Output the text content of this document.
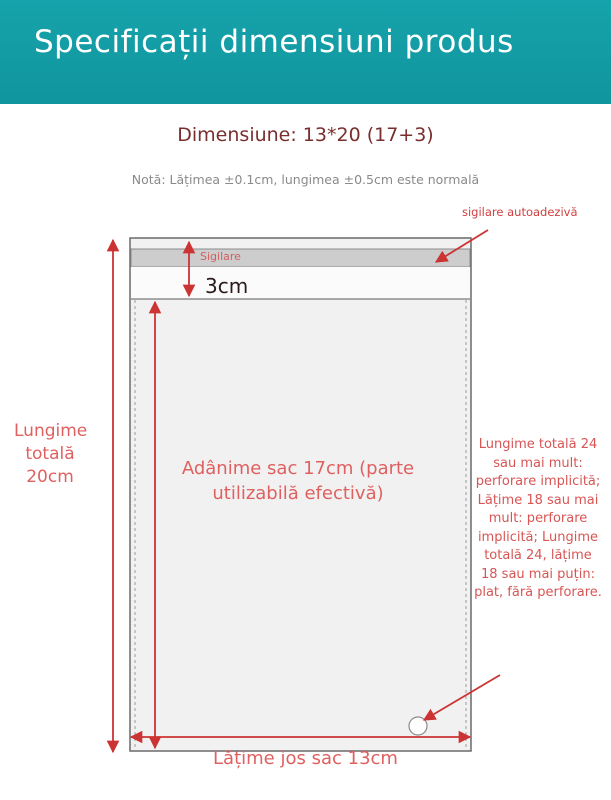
Specificații dimensiuni produs
Dimensiune: 13*20 (17+3)
Notă: Lățimea ±0.1cm, lungimea ±0.5cm este normală
sigilare autoadezivă
Sigilare
3cm
Lungime totală 20cm	Adânime sac 17cm (parte utilizabilă efectivă)
Lungime totală 24 sau mai mult: perforare implicită; Lățime 18 sau mai mult: perforare implicită; Lungime totală 24, lățime 18 sau mai puțin: plat, fără perforare.
Lățime jos sac 13cm
